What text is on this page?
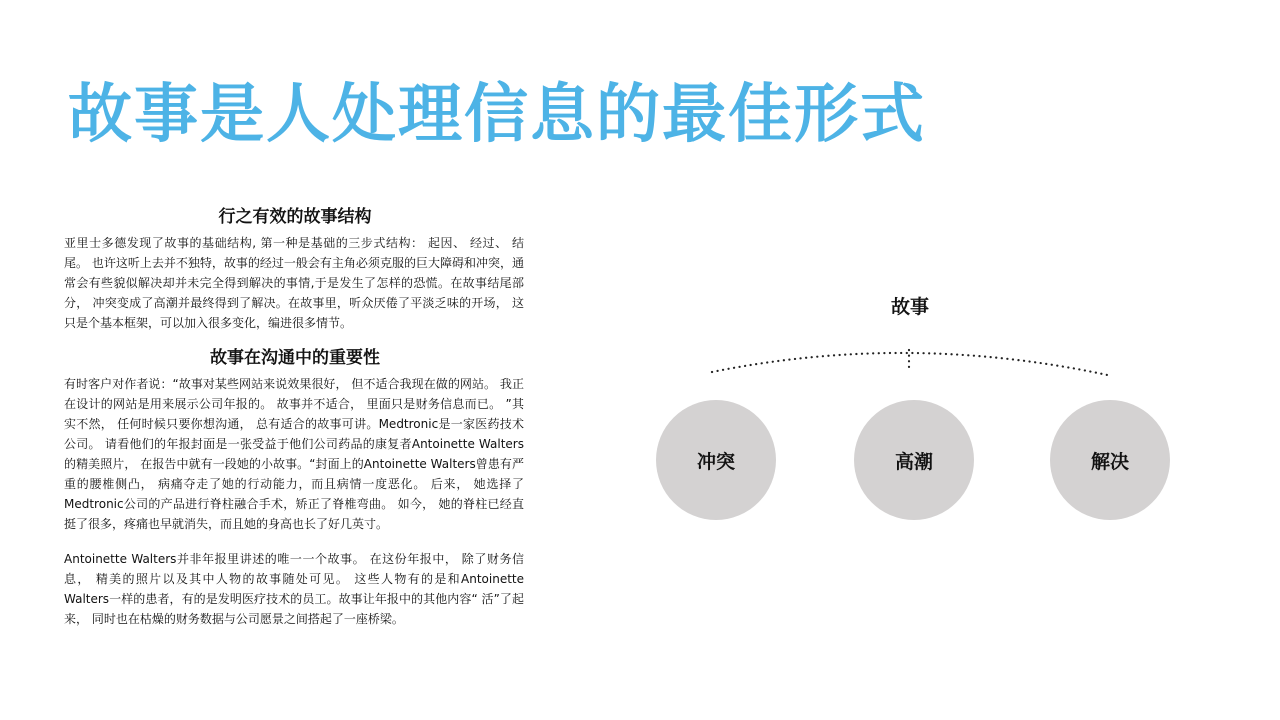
故事是人处理信息的最佳形式
行之有效的故事结构

亚里士多德发现了故事的基础结构, 第一种是基础的三步式结构： 起因、 经过、 结尾。 也许这听上去并不独特，故事的经过一般会有主角必须克服的巨大障碍和冲突，通常会有些貌似解决却并未完全得到解决的事情,于是发生了怎样的恐慌。在故事结尾部分， 冲突变成了高潮并最终得到了解决。在故事里，听众厌倦了平淡乏味的开场， 这只是个基本框架，可以加入很多变化，编进很多情节。

故事在沟通中的重要性

有时客户对作者说：“故事对某些网站来说效果很好， 但不适合我现在做的网站。 我正在设计的网站是用来展示公司年报的。 故事并不适合， 里面只是财务信息而已。 ”其实不然， 任何时候只要你想沟通， 总有适合的故事可讲。Medtronic是一家医药技术公司。 请看他们的年报封面是一张受益于他们公司药品的康复者Antoinette Walters的精美照片， 在报告中就有一段她的小故事。“封面上的Antoinette Walters曾患有严重的腰椎侧凸， 病痛夺走了她的行动能力，而且病情一度恶化。 后来， 她选择了Medtronic公司的产品进行脊柱融合手术，矫正了脊椎弯曲。 如今， 她的脊柱已经直挺了很多，疼痛也早就消失，而且她的身高也长了好几英寸。

Antoinette Walters并非年报里讲述的唯一一个故事。 在这份年报中， 除了财务信息， 精美的照片以及其中人物的故事随处可见。 这些人物有的是和Antoinette Walters一样的患者，有的是发明医疗技术的员工。故事让年报中的其他内容“ 活”了起来， 同时也在枯燥的财务数据与公司愿景之间搭起了一座桥梁。

故事
冲突	高潮	解决
